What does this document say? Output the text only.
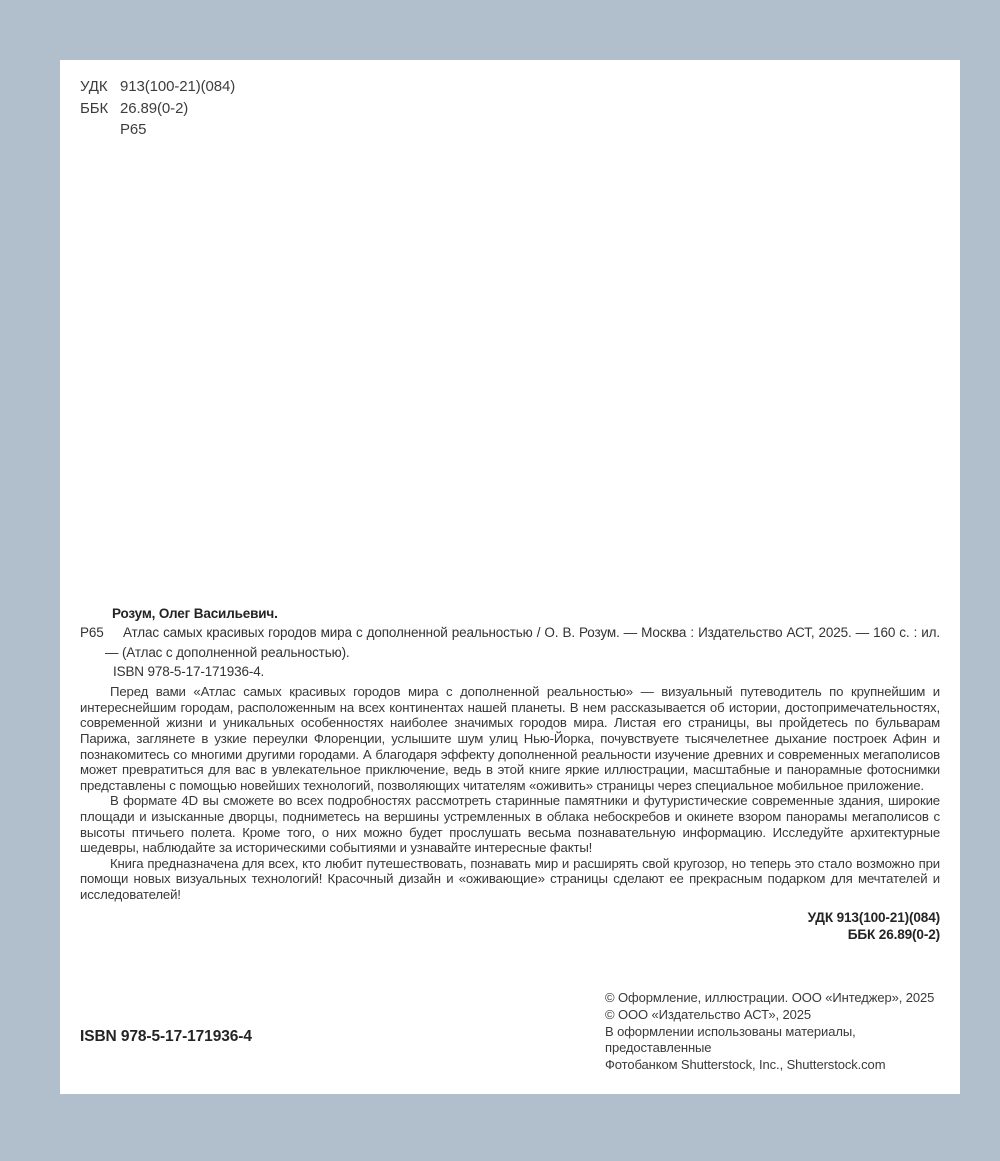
УДК 913(100-21)(084)
ББК 26.89(0-2)
Р65
Р65
Розум, Олег Васильевич.
Атлас самых красивых городов мира с дополненной реальностью / О. В. Розум. — Москва : Издательство АСТ, 2025. — 160 с. : ил. — (Атлас с дополненной реальностью).
ISBN 978-5-17-171936-4.

Перед вами «Атлас самых красивых городов мира с дополненной реальностью» — визуальный путеводитель по крупнейшим и интереснейшим городам, расположенным на всех континентах нашей планеты. В нем рассказывается об истории, достопримечательностях, современной жизни и уникальных особенностях наиболее значимых городов мира. Листая его страницы, вы пройдетесь по бульварам Парижа, заглянете в узкие переулки Флоренции, услышите шум улиц Нью-Йорка, почувствуете тысячелетнее дыхание построек Афин и познакомитесь со многими другими городами. А благодаря эффекту дополненной реальности изучение древних и современных мегаполисов может превратиться для вас в увлекательное приключение, ведь в этой книге яркие иллюстрации, масштабные и панорамные фотоснимки представлены с помощью новейших технологий, позволяющих читателям «оживить» страницы через специальное мобильное приложение.

В формате 4D вы сможете во всех подробностях рассмотреть старинные памятники и футуристические современные здания, широкие площади и изысканные дворцы, подниметесь на вершины устремленных в облака небоскребов и окинете взором панорамы мегаполисов с высоты птичьего полета. Кроме того, о них можно будет прослушать весьма познавательную информацию. Исследуйте архитектурные шедевры, наблюдайте за историческими событиями и узнавайте интересные факты!

Книга предназначена для всех, кто любит путешествовать, познавать мир и расширять свой кругозор, но теперь это стало возможно при помощи новых визуальных технологий! Красочный дизайн и «оживающие» страницы сделают ее прекрасным подарком для мечтателей и исследователей!

УДК 913(100-21)(084)
ББК 26.89(0-2)
© Оформление, иллюстрации. ООО «Интеджер», 2025
© ООО «Издательство АСТ», 2025
В оформлении использованы материалы, предоставленные
Фотобанком Shutterstock, Inc., Shutterstock.com
ISBN 978-5-17-171936-4
